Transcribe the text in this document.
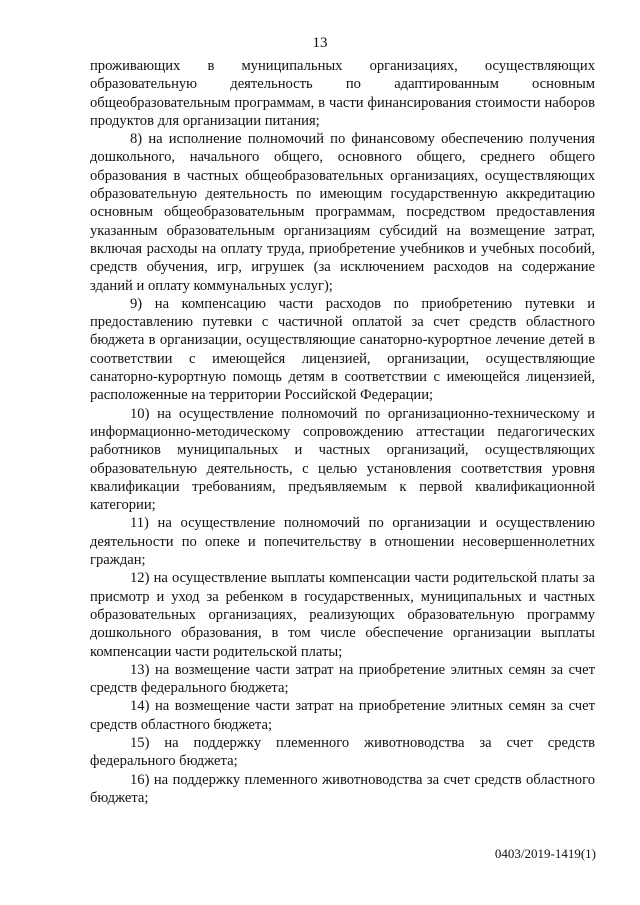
13

проживающих в муниципальных организациях, осуществляющих образовательную деятельность по адаптированным основным общеобразовательным программам, в части финансирования стоимости наборов продуктов для организации питания;

8) на исполнение полномочий по финансовому обеспечению получения дошкольного, начального общего, основного общего, среднего общего образования в частных общеобразовательных организациях, осуществляющих образовательную деятельность по имеющим государственную аккредитацию основным общеобразовательным программам, посредством предоставления указанным образовательным организациям субсидий на возмещение затрат, включая расходы на оплату труда, приобретение учебников и учебных пособий, средств обучения, игр, игрушек (за исключением расходов на содержание зданий и оплату коммунальных услуг);

9) на компенсацию части расходов по приобретению путевки и предоставлению путевки с частичной оплатой за счет средств областного бюджета в организации, осуществляющие санаторно-курортное лечение детей в соответствии с имеющейся лицензией, организации, осуществляющие санаторно-курортную помощь детям в соответствии с имеющейся лицензией, расположенные на территории Российской Федерации;

10) на осуществление полномочий по организационно-техническому и информационно-методическому сопровождению аттестации педагогических работников муниципальных и частных организаций, осуществляющих образовательную деятельность, с целью установления соответствия уровня квалификации требованиям, предъявляемым к первой квалификационной категории;

11) на осуществление полномочий по организации и осуществлению деятельности по опеке и попечительству в отношении несовершеннолетних граждан;

12) на осуществление выплаты компенсации части родительской платы за присмотр и уход за ребенком в государственных, муниципальных и частных образовательных организациях, реализующих образовательную программу дошкольного образования, в том числе обеспечение организации выплаты компенсации части родительской платы;

13) на возмещение части затрат на приобретение элитных семян за счет средств федерального бюджета;

14) на возмещение части затрат на приобретение элитных семян за счет средств областного бюджета;

15) на поддержку племенного животноводства за счет средств федерального бюджета;

16) на поддержку племенного животноводства за счет средств областного бюджета;

0403/2019-1419(1)
